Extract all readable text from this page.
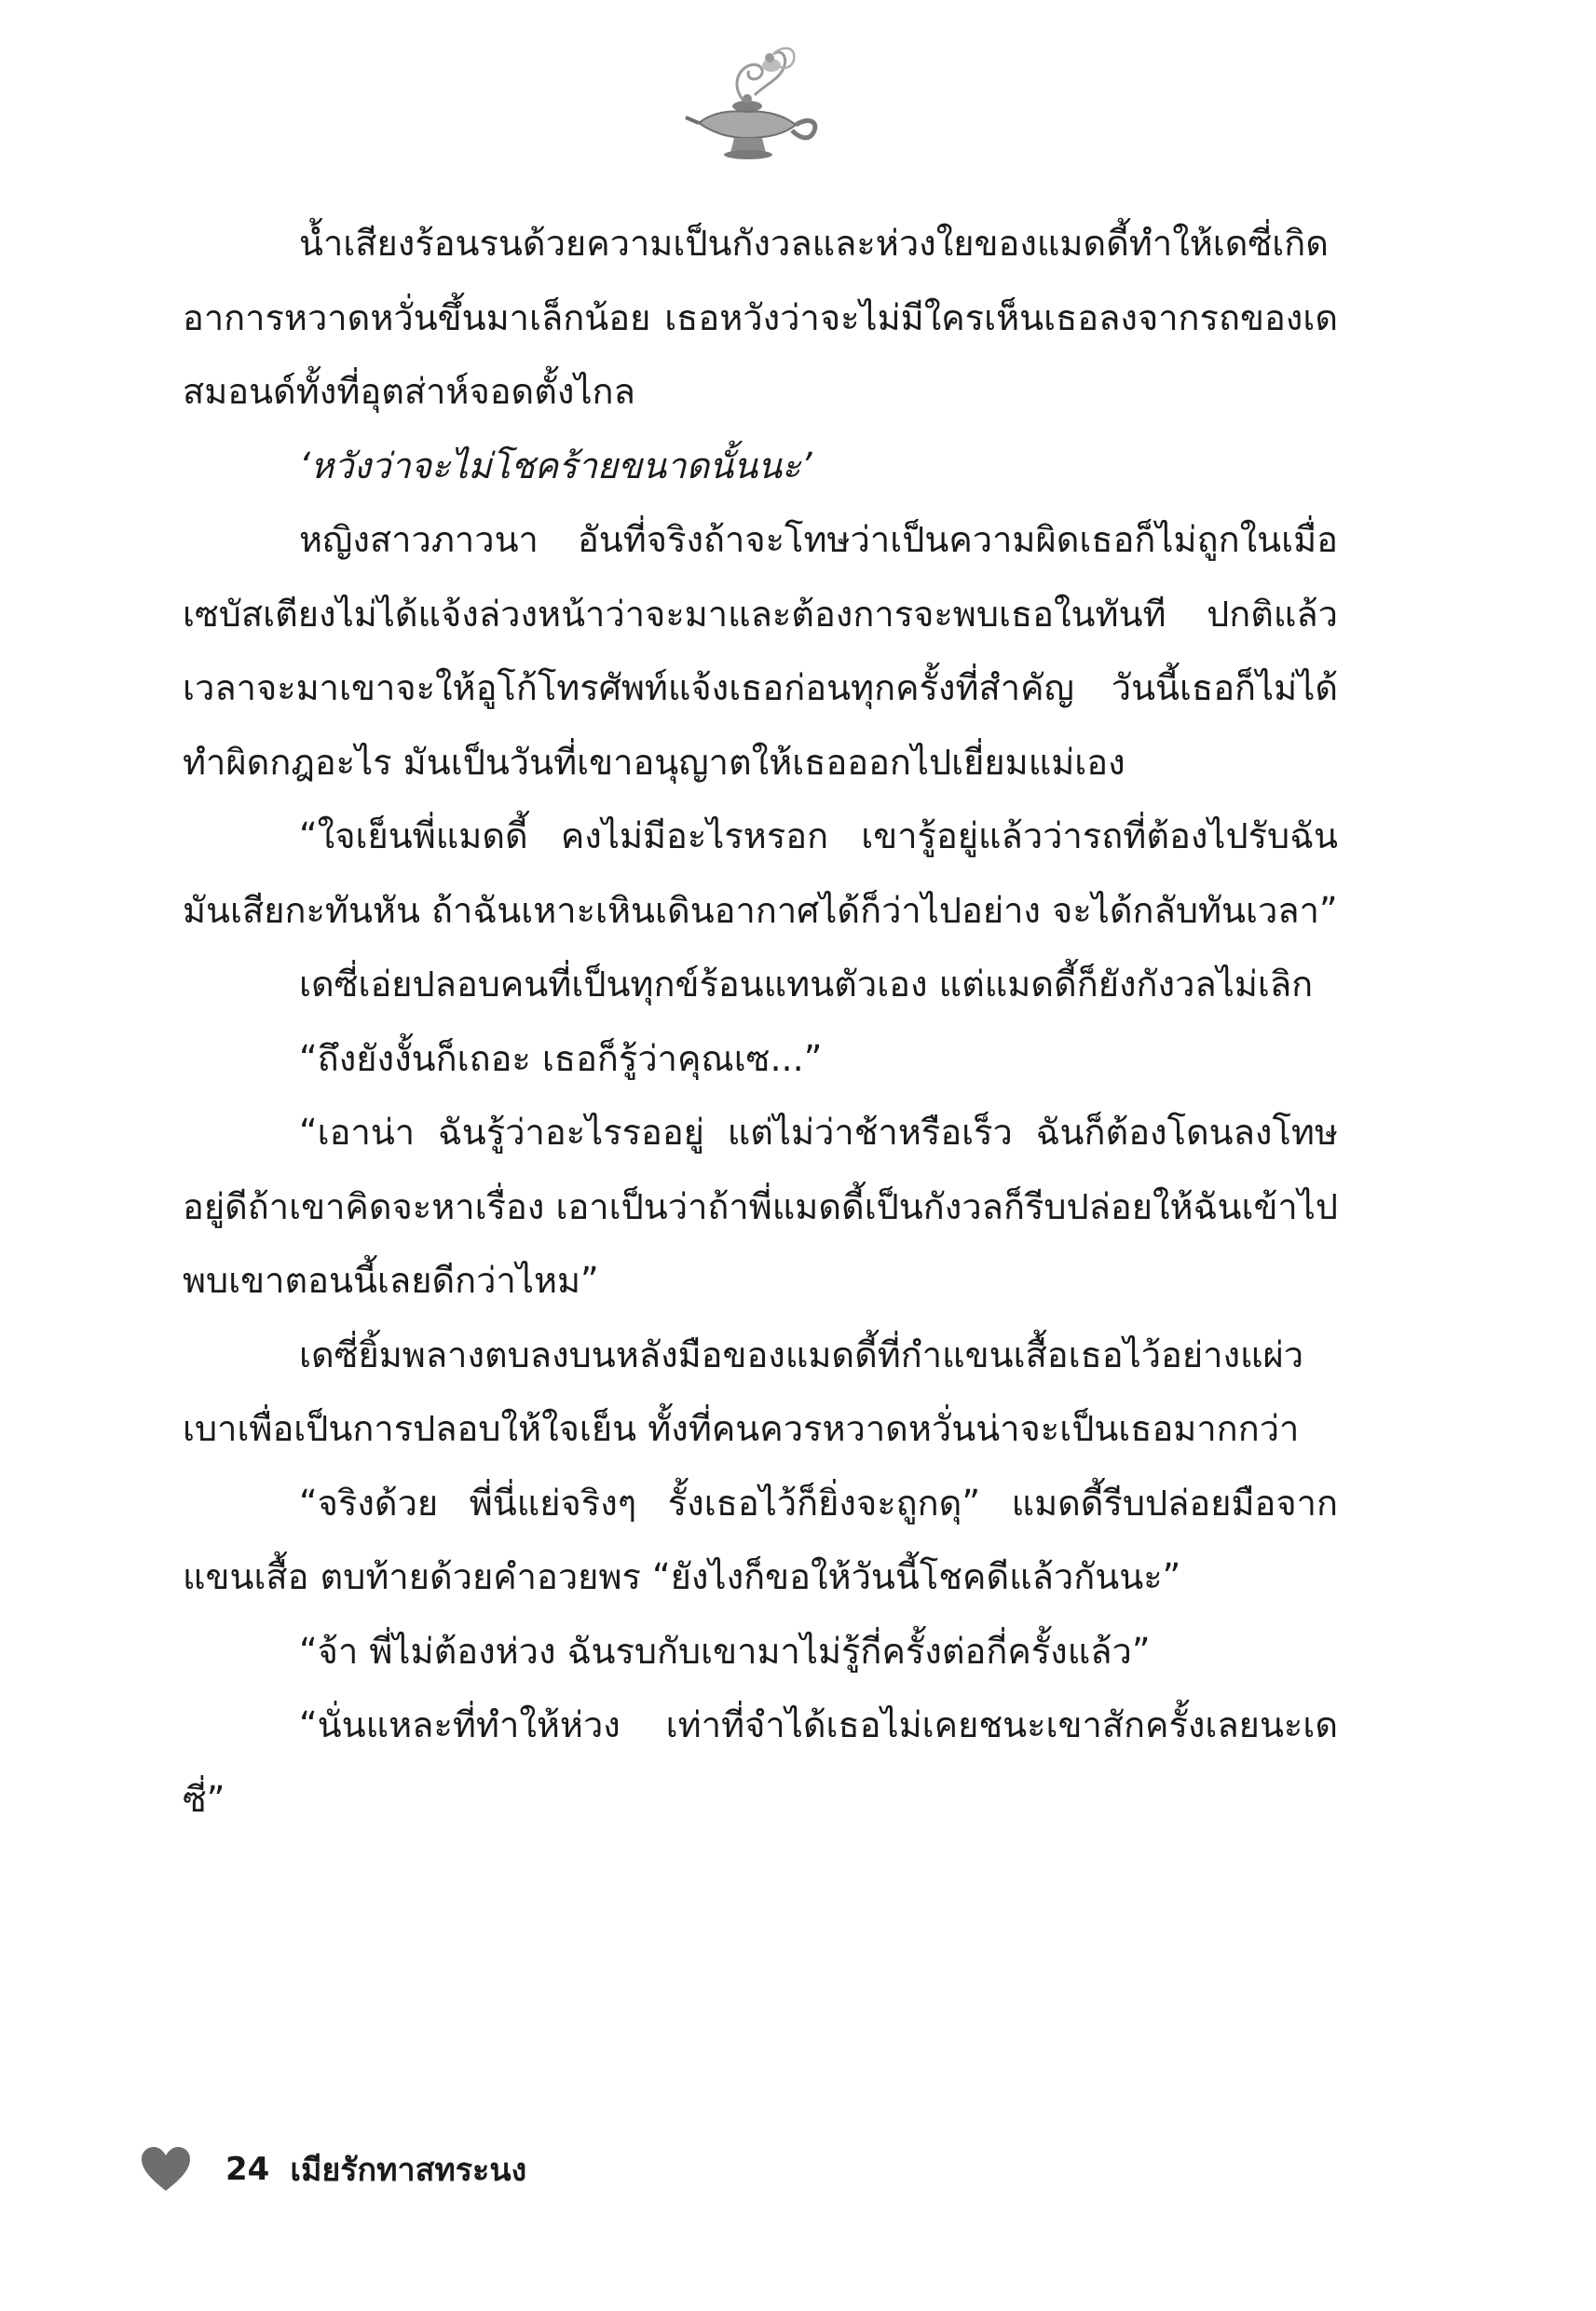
น้ำเสียงร้อนรนด้วยความเป็นกังวลและห่วงใยของแมดดี้ทำให้เดซี่เกิดอาการหวาดหวั่นขึ้นมาเล็กน้อย เธอหวังว่าจะไม่มีใครเห็นเธอลงจากรถของเดสมอนด์ทั้งที่อุตส่าห์จอดตั้งไกล

‘หวังว่าจะไม่โชคร้ายขนาดนั้นนะ’

หญิงสาวภาวนา อันที่จริงถ้าจะโทษว่าเป็นความผิดเธอก็ไม่ถูกในเมื่อเซบัสเตียงไม่ได้แจ้งล่วงหน้าว่าจะมาและต้องการจะพบเธอในทันที ปกติแล้วเวลาจะมาเขาจะให้อูโก้โทรศัพท์แจ้งเธอก่อนทุกครั้งที่สำคัญ วันนี้เธอก็ไม่ได้ทำผิดกฎอะไร มันเป็นวันที่เขาอนุญาตให้เธอออกไปเยี่ยมแม่เอง

“ใจเย็นพี่แมดดี้ คงไม่มีอะไรหรอก เขารู้อยู่แล้วว่ารถที่ต้องไปรับฉันมันเสียกะทันหัน ถ้าฉันเหาะเหินเดินอากาศได้ก็ว่าไปอย่าง จะได้กลับทันเวลา”

เดซี่เอ่ยปลอบคนที่เป็นทุกข์ร้อนแทนตัวเอง แต่แมดดี้ก็ยังกังวลไม่เลิก

“ถึงยังงั้นก็เถอะ เธอก็รู้ว่าคุณเซ...”

“เอาน่า ฉันรู้ว่าอะไรรออยู่ แต่ไม่ว่าช้าหรือเร็ว ฉันก็ต้องโดนลงโทษอยู่ดีถ้าเขาคิดจะหาเรื่อง เอาเป็นว่าถ้าพี่แมดดี้เป็นกังวลก็รีบปล่อยให้ฉันเข้าไปพบเขาตอนนี้เลยดีกว่าไหม”

เดซี่ยิ้มพลางตบลงบนหลังมือของแมดดี้ที่กำแขนเสื้อเธอไว้อย่างแผ่วเบาเพื่อเป็นการปลอบให้ใจเย็น ทั้งที่คนควรหวาดหวั่นน่าจะเป็นเธอมากกว่า

“จริงด้วย พี่นี่แย่จริงๆ รั้งเธอไว้ก็ยิ่งจะถูกดุ” แมดดี้รีบปล่อยมือจากแขนเสื้อ ตบท้ายด้วยคำอวยพร “ยังไงก็ขอให้วันนี้โชคดีแล้วกันนะ”

“จ้า พี่ไม่ต้องห่วง ฉันรบกับเขามาไม่รู้กี่ครั้งต่อกี่ครั้งแล้ว”

“นั่นแหละที่ทำให้ห่วง เท่าที่จำได้เธอไม่เคยชนะเขาสักครั้งเลยนะเดซี่”

24 เมียรักทาสทระนง
